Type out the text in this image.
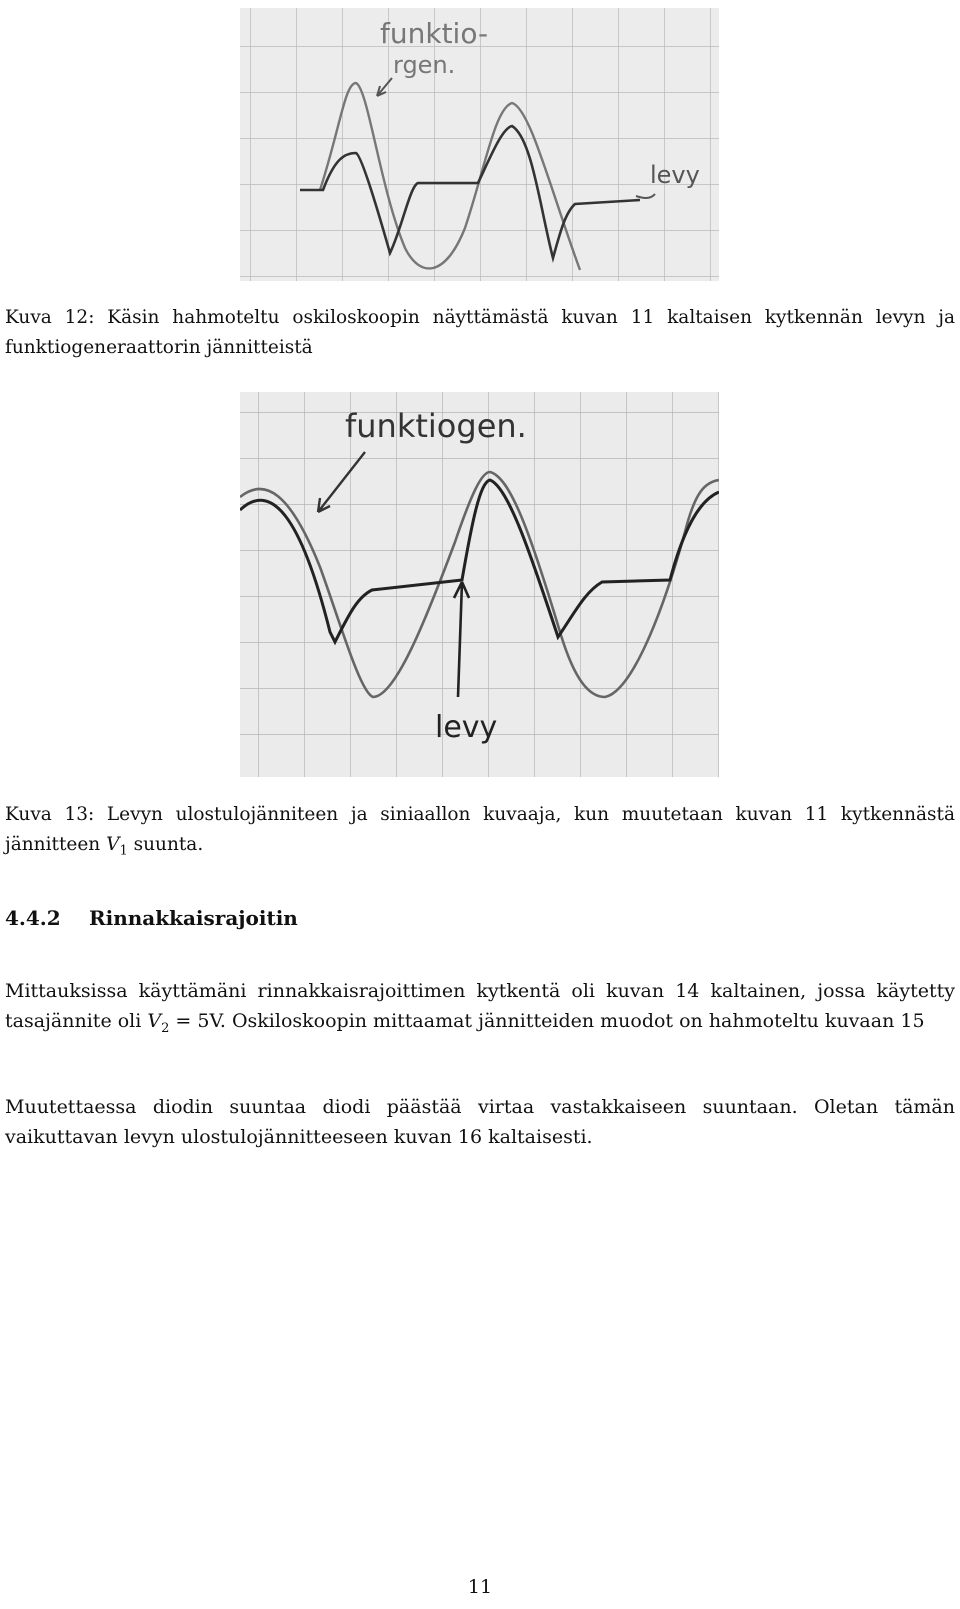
funktio-
rgen.
levy

Kuva 12: Käsin hahmoteltu oskiloskoopin näyttämästä kuvan 11 kaltaisen kytkennän levyn ja funktiogeneraattorin jännitteistä

funktiogen.
levy

Kuva 13: Levyn ulostulojänniteen ja siniaallon kuvaaja, kun muutetaan kuvan 11 kytkennästä jännitteen $V_1$ suunta.

4.4.2 Rinnakkaisrajoitin

Mittauksissa käyttämäni rinnakkaisrajoittimen kytkentä oli kuvan 14 kaltainen, jossa käytetty tasajännite oli $V_2 = 5V$. Oskiloskoopin mittaamat jännitteiden muodot on hahmoteltu kuvaan 15

Muutettaessa diodin suuntaa diodi päästää virtaa vastakkaiseen suuntaan. Oletan tämän vaikuttavan levyn ulostulojännitteeseen kuvan 16 kaltaisesti.

11
